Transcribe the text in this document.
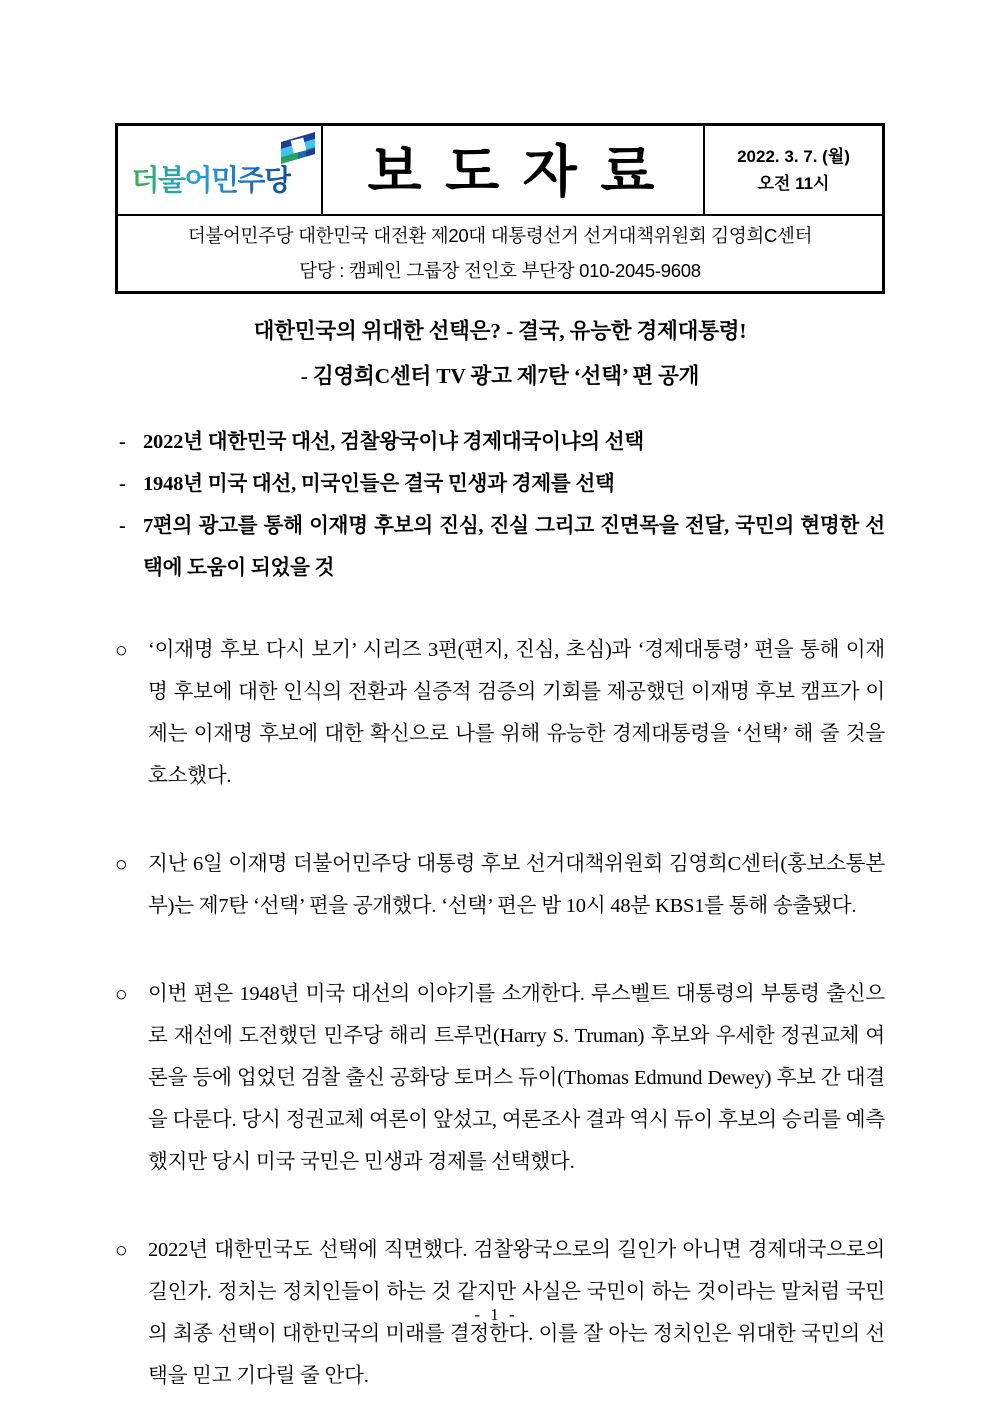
더불어민주당 보 도 자 료	2022. 3. 7. (월)
오전 11시
더불어민주당 대한민국 대전환 제20대 대통령선거 선거대책위원회 김영희C센터
담당 : 캠페인 그룹장 전인호 부단장 010-2045-9608
대한민국의 위대한 선택은? - 결국, 유능한 경제대통령!
- 김영희C센터 TV 광고 제7탄 ‘선택’ 편 공개
- 2022년 대한민국 대선, 검찰왕국이냐 경제대국이냐의 선택
- 1948년 미국 대선, 미국인들은 결국 민생과 경제를 선택
- 7편의 광고를 통해 이재명 후보의 진심, 진실 그리고 진면목을 전달, 국민의 현명한 선택에 도움이 되었을 것
○ ‘이재명 후보 다시 보기’ 시리즈 3편(편지, 진심, 초심)과 ‘경제대통령’ 편을 통해 이재명 후보에 대한 인식의 전환과 실증적 검증의 기회를 제공했던 이재명 후보 캠프가 이제는 이재명 후보에 대한 확신으로 나를 위해 유능한 경제대통령을 ‘선택’ 해 줄 것을 호소했다.
○ 지난 6일 이재명 더불어민주당 대통령 후보 선거대책위원회 김영희C센터(홍보소통본부)는 제7탄 ‘선택’ 편을 공개했다. ‘선택’ 편은 밤 10시 48분 KBS1를 통해 송출됐다.
○ 이번 편은 1948년 미국 대선의 이야기를 소개한다. 루스벨트 대통령의 부통령 출신으로 재선에 도전했던 민주당 해리 트루먼(Harry S. Truman) 후보와 우세한 정권교체 여론을 등에 업었던 검찰 출신 공화당 토머스 듀이(Thomas Edmund Dewey) 후보 간 대결을 다룬다. 당시 정권교체 여론이 앞섰고, 여론조사 결과 역시 듀이 후보의 승리를 예측했지만 당시 미국 국민은 민생과 경제를 선택했다.
○ 2022년 대한민국도 선택에 직면했다. 검찰왕국으로의 길인가 아니면 경제대국으로의 길인가. 정치는 정치인들이 하는 것 같지만 사실은 국민이 하는 것이라는 말처럼 국민의 최종 선택이 대한민국의 미래를 결정한다. 이를 잘 아는 정치인은 위대한 국민의 선택을 믿고 기다릴 줄 안다.
- 1 -
